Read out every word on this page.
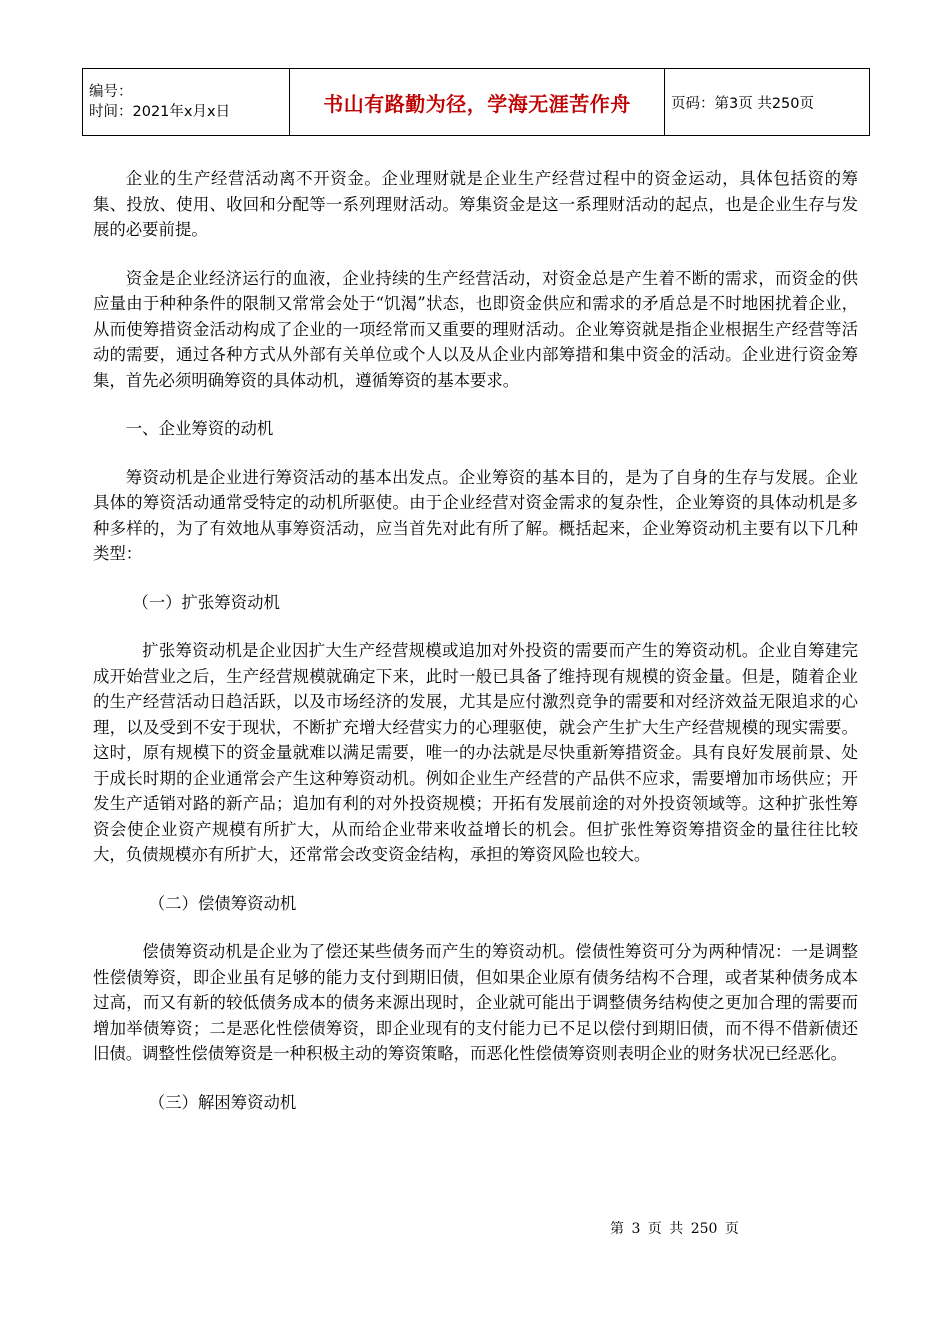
编号：
时间：2021年x月x日	书山有路勤为径，学海无涯苦作舟	页码：第3页 共250页

企业的生产经营活动离不开资金。企业理财就是企业生产经营过程中的资金运动，具体包括资的筹集、投放、使用、收回和分配等一系列理财活动。筹集资金是这一系理财活动的起点，也是企业生存与发展的必要前提。

资金是企业经济运行的血液，企业持续的生产经营活动，对资金总是产生着不断的需求，而资金的供应量由于种种条件的限制又常常会处于“饥渴”状态，也即资金供应和需求的矛盾总是不时地困扰着企业，从而使筹措资金活动构成了企业的一项经常而又重要的理财活动。企业筹资就是指企业根据生产经营等活动的需要，通过各种方式从外部有关单位或个人以及从企业内部筹措和集中资金的活动。企业进行资金筹集，首先必须明确筹资的具体动机，遵循筹资的基本要求。

一、企业筹资的动机

筹资动机是企业进行筹资活动的基本出发点。企业筹资的基本目的，是为了自身的生存与发展。企业具体的筹资活动通常受特定的动机所驱使。由于企业经营对资金需求的复杂性，企业筹资的具体动机是多种多样的，为了有效地从事筹资活动，应当首先对此有所了解。概括起来，企业筹资动机主要有以下几种类型：

（一）扩张筹资动机

扩张筹资动机是企业因扩大生产经营规模或追加对外投资的需要而产生的筹资动机。企业自筹建完成开始营业之后，生产经营规模就确定下来，此时一般已具备了维持现有规模的资金量。但是，随着企业的生产经营活动日趋活跃，以及市场经济的发展，尤其是应付激烈竞争的需要和对经济效益无限追求的心理，以及受到不安于现状，不断扩充增大经营实力的心理驱使，就会产生扩大生产经营规模的现实需要。这时，原有规模下的资金量就难以满足需要，唯一的办法就是尽快重新筹措资金。具有良好发展前景、处于成长时期的企业通常会产生这种筹资动机。例如企业生产经营的产品供不应求，需要增加市场供应；开发生产适销对路的新产品；追加有利的对外投资规模；开拓有发展前途的对外投资领域等。这种扩张性筹资会使企业资产规模有所扩大，从而给企业带来收益增长的机会。但扩张性筹资筹措资金的量往往比较大，负债规模亦有所扩大，还常常会改变资金结构，承担的筹资风险也较大。

（二）偿债筹资动机

偿债筹资动机是企业为了偿还某些债务而产生的筹资动机。偿债性筹资可分为两种情况：一是调整性偿债筹资，即企业虽有足够的能力支付到期旧债，但如果企业原有债务结构不合理，或者某种债务成本过高，而又有新的较低债务成本的债务来源出现时，企业就可能出于调整债务结构使之更加合理的需要而增加举债筹资；二是恶化性偿债筹资，即企业现有的支付能力已不足以偿付到期旧债，而不得不借新债还旧债。调整性偿债筹资是一种积极主动的筹资策略，而恶化性偿债筹资则表明企业的财务状况已经恶化。

（三）解困筹资动机

第 3 页 共 250 页
